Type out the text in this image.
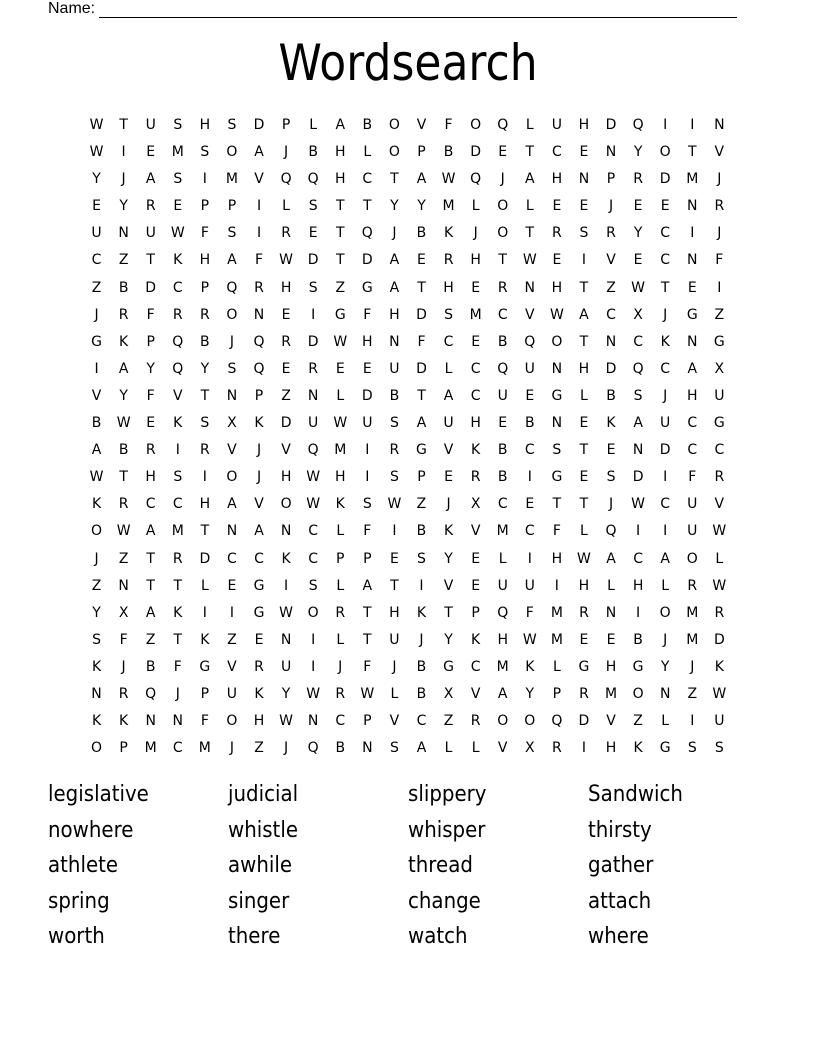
Name:
Wordsearch
W	T	U	S	H	S	D	P	L	A	B	O	V	F	O	Q	L	U	H	D	Q	I	I	N
W	I	E	M	S	O	A	J	B	H	L	O	P	B	D	E	T	C	E	N	Y	O	T	V
Y	J	A	S	I	M	V	Q	Q	H	C	T	A	W	Q	J	A	H	N	P	R	D	M	J
E	Y	R	E	P	P	I	L	S	T	T	Y	Y	M	L	O	L	E	E	J	E	E	N	R
U	N	U	W	F	S	I	R	E	T	Q	J	B	K	J	O	T	R	S	R	Y	C	I	J
C	Z	T	K	H	A	F	W	D	T	D	A	E	R	H	T	W	E	I	V	E	C	N	F
Z	B	D	C	P	Q	R	H	S	Z	G	A	T	H	E	R	N	H	T	Z	W	T	E	I
J	R	F	R	R	O	N	E	I	G	F	H	D	S	M	C	V	W	A	C	X	J	G	Z
G	K	P	Q	B	J	Q	R	D	W	H	N	F	C	E	B	Q	O	T	N	C	K	N	G
I	A	Y	Q	Y	S	Q	E	R	E	E	U	D	L	C	Q	U	N	H	D	Q	C	A	X
V	Y	F	V	T	N	P	Z	N	L	D	B	T	A	C	U	E	G	L	B	S	J	H	U
B	W	E	K	S	X	K	D	U	W	U	S	A	U	H	E	B	N	E	K	A	U	C	G
A	B	R	I	R	V	J	V	Q	M	I	R	G	V	K	B	C	S	T	E	N	D	C	C
W	T	H	S	I	O	J	H	W	H	I	S	P	E	R	B	I	G	E	S	D	I	F	R
K	R	C	C	H	A	V	O	W	K	S	W	Z	J	X	C	E	T	T	J	W	C	U	V
O	W	A	M	T	N	A	N	C	L	F	I	B	K	V	M	C	F	L	Q	I	I	U	W
J	Z	T	R	D	C	C	K	C	P	P	E	S	Y	E	L	I	H	W	A	C	A	O	L
Z	N	T	T	L	E	G	I	S	L	A	T	I	V	E	U	U	I	H	L	H	L	R	W
Y	X	A	K	I	I	G	W	O	R	T	H	K	T	P	Q	F	M	R	N	I	O	M	R
S	F	Z	T	K	Z	E	N	I	L	T	U	J	Y	K	H	W	M	E	E	B	J	M	D
K	J	B	F	G	V	R	U	I	J	F	J	B	G	C	M	K	L	G	H	G	Y	J	K
N	R	Q	J	P	U	K	Y	W	R	W	L	B	X	V	A	Y	P	R	M	O	N	Z	W
K	K	N	N	F	O	H	W	N	C	P	V	C	Z	R	O	O	Q	D	V	Z	L	I	U
O	P	M	C	M	J	Z	J	Q	B	N	S	A	L	L	V	X	R	I	H	K	G	S	S
legislative	judicial	slippery	Sandwich
nowhere	whistle	whisper	thirsty
athlete	awhile	thread	gather
spring	singer	change	attach
worth	there	watch	where
